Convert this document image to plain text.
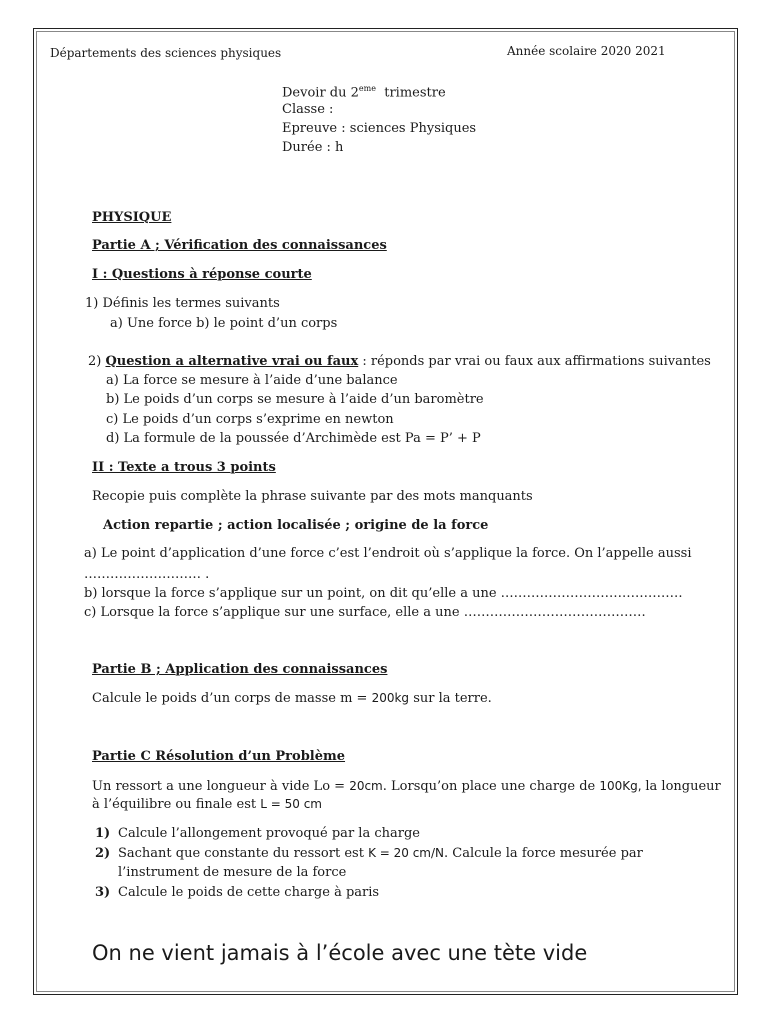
Départements des sciences physiques	Année scolaire 2020 2021
Devoir du 2eme trimestre
Classe :
Epreuve : sciences Physiques
Durée : h
PHYSIQUE
Partie A ; Vérification des connaissances
I : Questions à réponse courte
1) Définis les termes suivants
a) Une force b) le point d’un corps
2) Question a alternative vrai ou faux : réponds par vrai ou faux aux affirmations suivantes
a) La force se mesure à l’aide d’une balance
b) Le poids d’un corps se mesure à l’aide d’un baromètre
c) Le poids d’un corps s’exprime en newton
d) La formule de la poussée d’Archimède est Pa = P’ + P
II : Texte a trous 3 points
Recopie puis complète la phrase suivante par des mots manquants
Action repartie ; action localisée ; origine de la force
a) Le point d’application d’une force c’est l’endroit où s’applique la force. On l’appelle aussi
……………………… .
b) lorsque la force s’applique sur un point, on dit qu’elle a une ……………………………………
c) Lorsque la force s’applique sur une surface, elle a une ……………………………………
Partie B ; Application des connaissances
Calcule le poids d’un corps de masse m = 200kg sur la terre.
Partie C Résolution d’un Problème
Un ressort a une longueur à vide Lo = 20cm. Lorsqu’on place une charge de 100Kg, la longueur
à l’équilibre ou finale est L = 50 cm
1) Calcule l’allongement provoqué par la charge
2) Sachant que constante du ressort est K = 20 cm/N. Calcule la force mesurée par
l’instrument de mesure de la force
3) Calcule le poids de cette charge à paris
On ne vient jamais à l’école avec une tète vide
